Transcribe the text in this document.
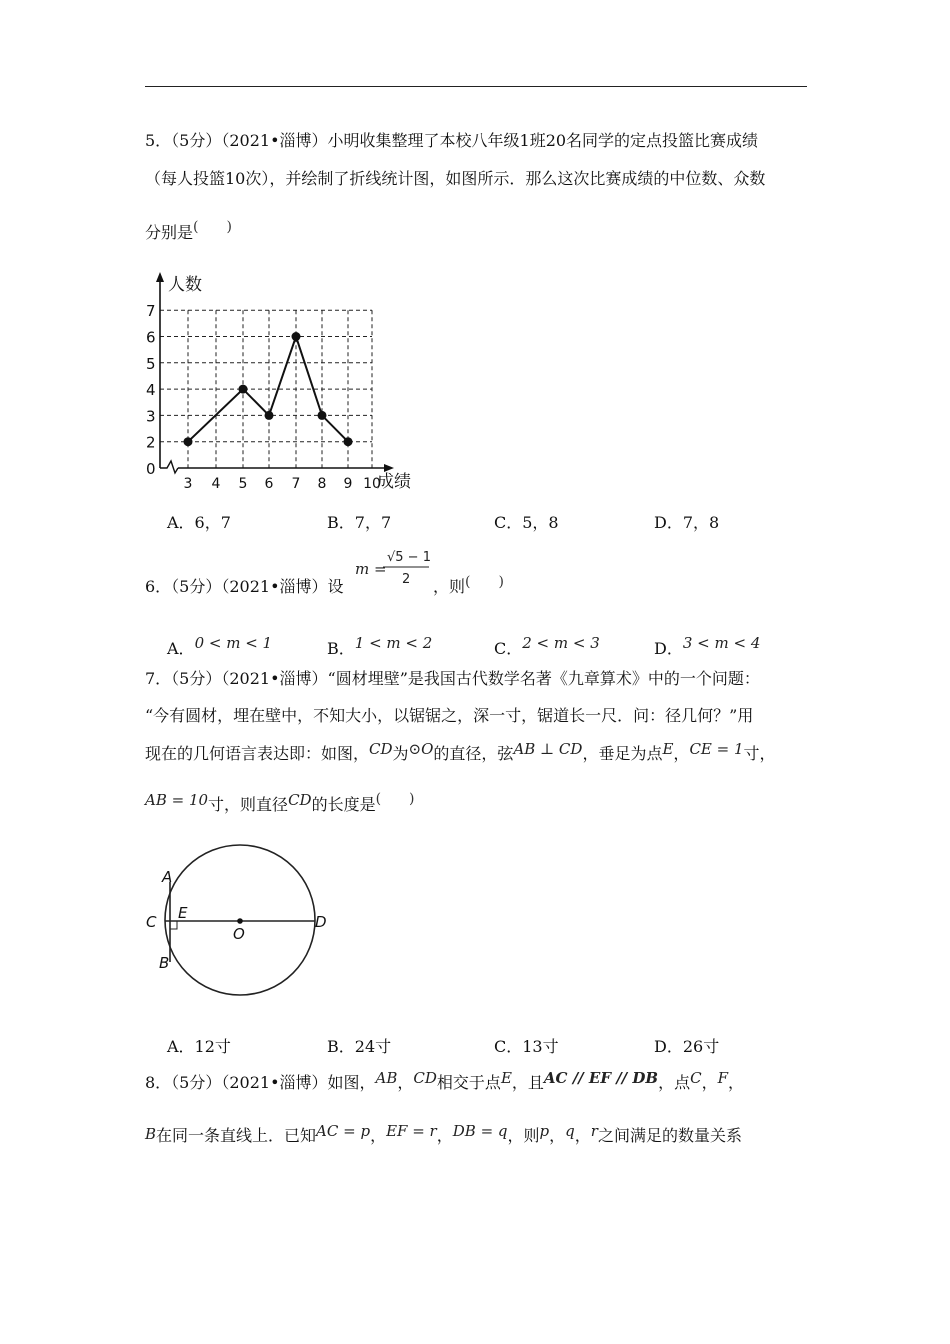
5．（5分）（2021•淄博）小明收集整理了本校八年级1班20名同学的定点投篮比赛成绩
（每人投篮10次），并绘制了折线统计图，如图所示．那么这次比赛成绩的中位数、众数
分别是(　　)
0
2
3
4
5
6
7
3 4 5 6 7 8 9 10
人数
成绩
A．6，7	B．7，7	C．5，8	D．7，8
6．（5分）（2021•淄博）设
m =
√5 − 1
2 ，则(　　)
A．0 < m < 1	B．1 < m < 2	C．2 < m < 3	D．3 < m < 4
7．（5分）（2021•淄博）“圆材埋壁”是我国古代数学名著《九章算术》中的一个问题：
“今有圆材，埋在壁中，不知大小，以锯锯之，深一寸，锯道长一尺．问：径几何？”用
现在的几何语言表达即：如图，CD为⊙O的直径，弦AB ⊥ CD，垂足为点E，CE = 1寸，
AB = 10寸，则直径CD的长度是(　　)
A
C E
O
D
B
A．12寸	B．24寸	C．13寸	D．26寸
8．（5分）（2021•淄博）如图，AB，CD相交于点E，且AC // EF // DB，点C，F，
B在同一条直线上．已知AC = p，EF = r，DB = q，则p，q，r之间满足的数量关系
